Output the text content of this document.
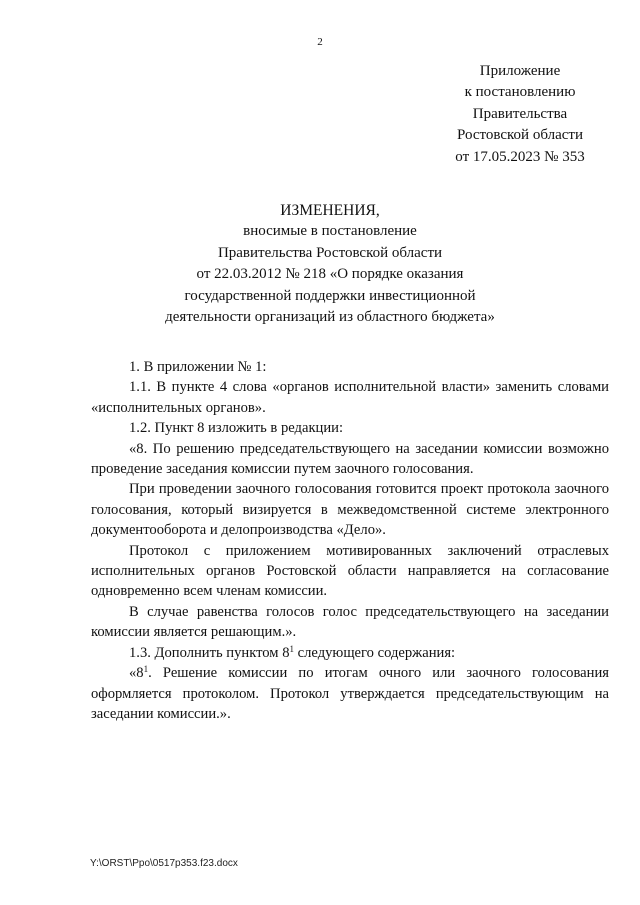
2
Приложение
к постановлению
Правительства
Ростовской области
от 17.05.2023 № 353
ИЗМЕНЕНИЯ,
вносимые в постановление
Правительства Ростовской области
от 22.03.2012 № 218 «О порядке оказания
государственной поддержки инвестиционной
деятельности организаций из областного бюджета»

1. В приложении № 1:

1.1. В пункте 4 слова «органов исполнительной власти» заменить словами «исполнительных органов».

1.2. Пункт 8 изложить в редакции:

«8. По решению председательствующего на заседании комиссии возможно проведение заседания комиссии путем заочного голосования.

При проведении заочного голосования готовится проект протокола заочного голосования, который визируется в межведомственной системе электронного документооборота и делопроизводства «Дело».

Протокол с приложением мотивированных заключений отраслевых исполнительных органов Ростовской области направляется на согласование одновременно всем членам комиссии.

В случае равенства голосов голос председательствующего на заседании комиссии является решающим.».

1.3. Дополнить пунктом $8^1$ следующего содержания:

«$8^1$. Решение комиссии по итогам очного или заочного голосования оформляется протоколом. Протокол утверждается председательствующим на заседании комиссии.».

Y:\ORST\Ppo\0517p353.f23.docx
